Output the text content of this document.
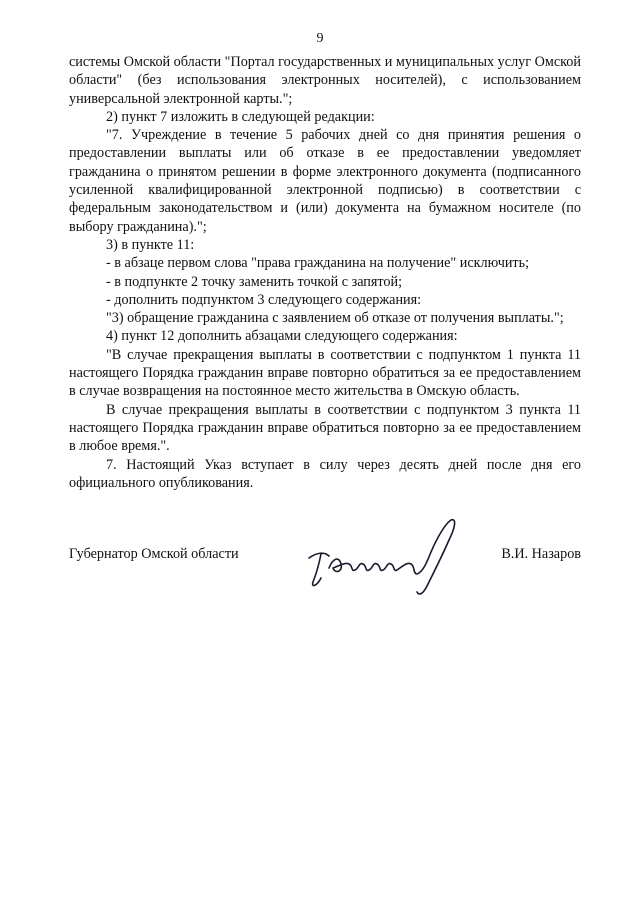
9

системы Омской области "Портал государственных и муниципальных услуг Омской области" (без использования электронных носителей), с использованием универсальной электронной карты.";

2) пункт 7 изложить в следующей редакции:

"7. Учреждение в течение 5 рабочих дней со дня принятия решения о предоставлении выплаты или об отказе в ее предоставлении уведомляет гражданина о принятом решении в форме электронного документа (подписанного усиленной квалифицированной электронной подписью) в соответствии с федеральным законодательством и (или) документа на бумажном носителе (по выбору гражданина).";

3) в пункте 11:

- в абзаце первом слова "права гражданина на получение" исключить;

- в подпункте 2 точку заменить точкой с запятой;

- дополнить подпунктом 3 следующего содержания:

"3) обращение гражданина с заявлением об отказе от получения выплаты.";

4) пункт 12 дополнить абзацами следующего содержания:

"В случае прекращения выплаты в соответствии с подпунктом 1 пункта 11 настоящего Порядка гражданин вправе повторно обратиться за ее предоставлением в случае возвращения на постоянное место жительства в Омскую область.

В случае прекращения выплаты в соответствии с подпунктом 3 пункта 11 настоящего Порядка гражданин вправе обратиться повторно за ее предоставлением в любое время.".

7. Настоящий Указ вступает в силу через десять дней после дня его официального опубликования.

Губернатор Омской области	В.И. Назаров
